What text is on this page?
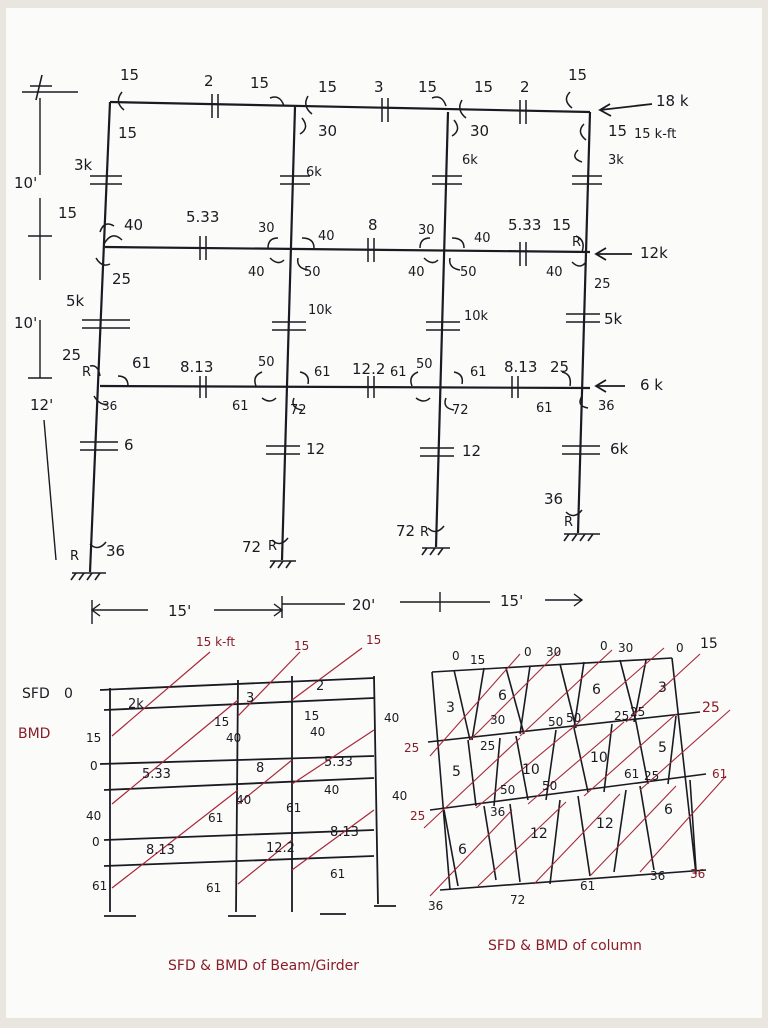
15	15	15	15 15
15
2	3	2
15	30	30	15
18 k
15 k-ft
10'
3k	6k
6k	3k
15
40
25
5.33	8	5.33
30
40
40	50
30
40
40	50
15
40
25
12k
10'
5k
10k	10k	5k
25	61
36
8.13	12.2	8.13
50
61
61	72
61
50
61
72
25
61	36
6 k
12'
6	12	12	6k
36	72
72
36
R
R
R
R
R
R
15'	20'	15'
SFD 0
15
0
40
0
61
2k	3
2
5.33	8	5.33
8.13	12.2
8.13
15
40
15
40
40
40
61
40
61
40
61
61
15 k-ft	15	15
BMD
SFD & BMD of Beam/Girder
0 15
0 30	0 30	0 15
3
6	6	3
5	10
10
5
6
12
12
6
30	50 50	25 25
25
50 50
61 25
36
36	72
61
36
25
25
25
61
36
SFD & BMD of column
